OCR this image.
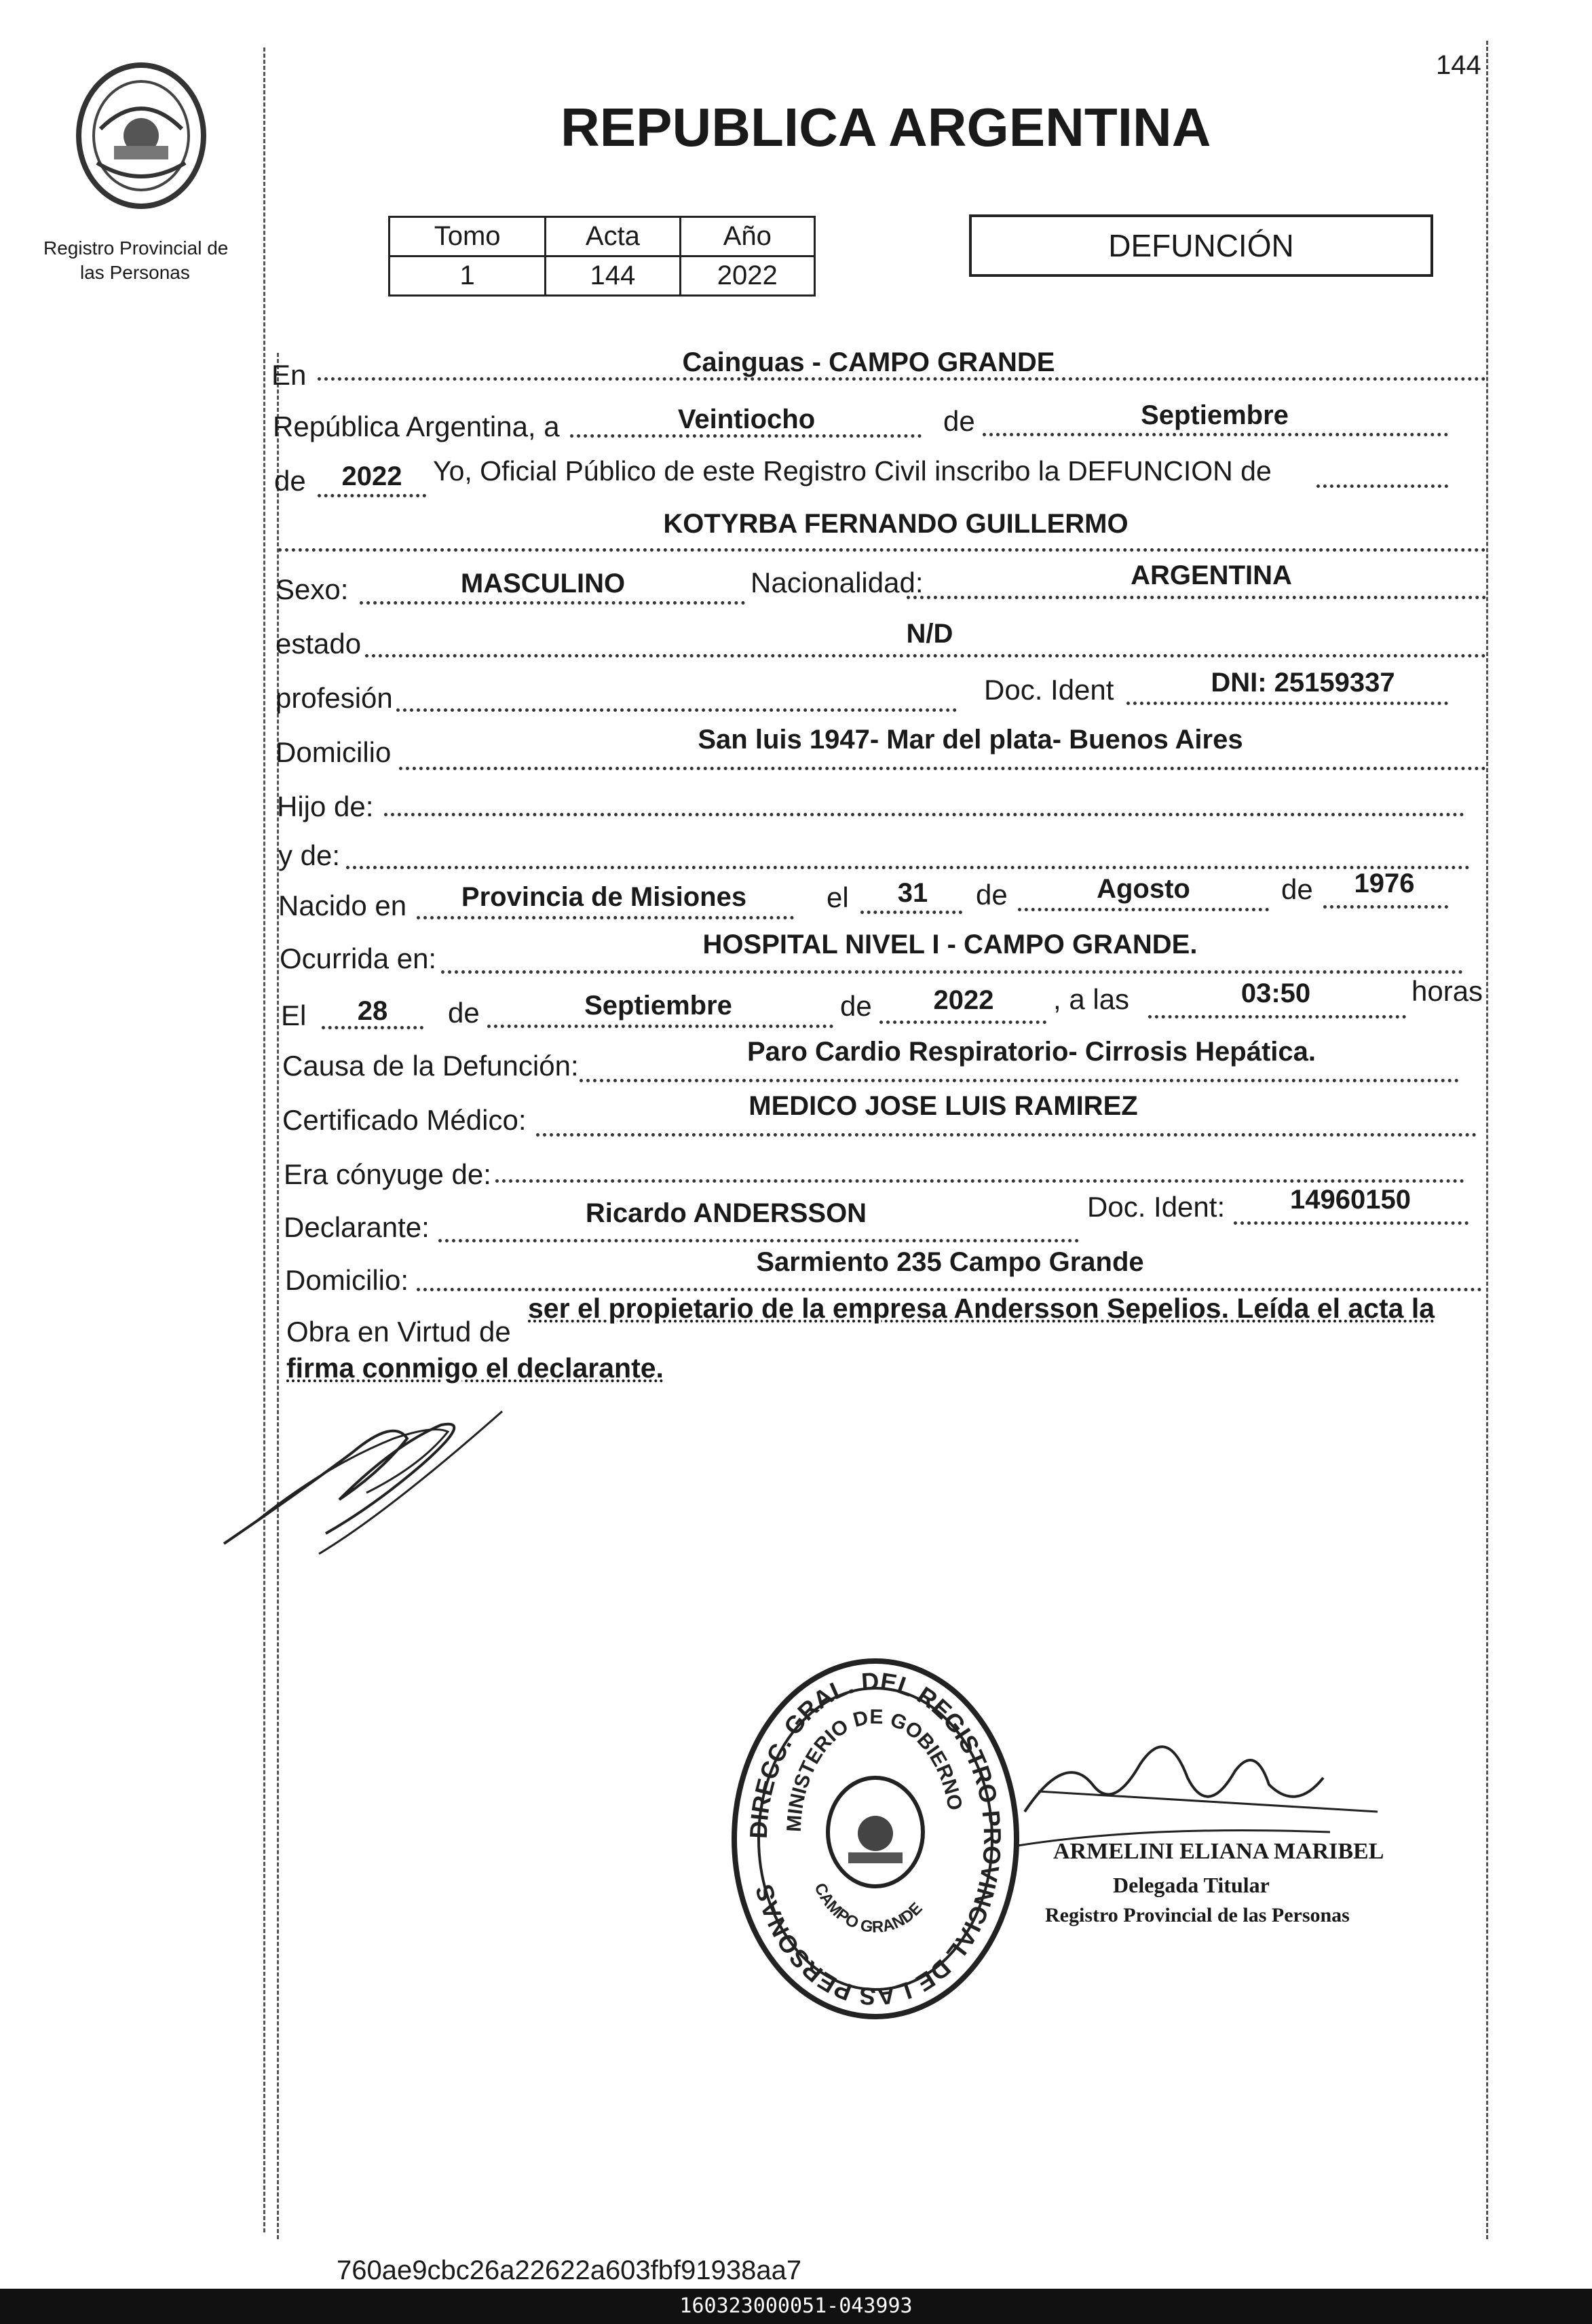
Registro Provincial de
las Personas
144
REPUBLICA ARGENTINA
Tomo	Acta	Año
1	144	2022
DEFUNCIÓN
En	Cainguas - CAMPO GRANDE
República Argentina, a	Veintiocho	de	Septiembre
de	2022	Yo, Oficial Público de este Registro Civil inscribo la DEFUNCION de
KOTYRBA FERNANDO GUILLERMO
Sexo:	MASCULINO	Nacionalidad:	ARGENTINA
estado	N/D
profesión	Doc. Ident	DNI: 25159337
Domicilio	San luis 1947- Mar del plata- Buenos Aires
Hijo de:
y de:
Nacido en	Provincia de Misiones	el	31	de	Agosto	de	1976
Ocurrida en:	HOSPITAL NIVEL I - CAMPO GRANDE.
El	28	de	Septiembre	de	2022	, a las	03:50	horas
Causa de la Defunción:	Paro Cardio Respiratorio- Cirrosis Hepática.
Certificado Médico:	MEDICO JOSE LUIS RAMIREZ
Era cónyuge de:
Declarante:	Ricardo ANDERSSON	Doc. Ident:	14960150
Domicilio:
Sarmiento 235 Campo Grande
Obra en Virtud de
ser el propietario de la empresa Andersson Sepelios. Leída el acta la
firma conmigo el declarante.
DIRECC. GRAL. DEL REGISTRO PROVINCIAL DE LAS PERSONAS
MINISTERIO DE GOBIERNO
CAMPO GRANDE
ARMELINI ELIANA MARIBEL
Delegada Titular
Registro Provincial de las Personas
760ae9cbc26a22622a603fbf91938aa7
160323000051-043993
